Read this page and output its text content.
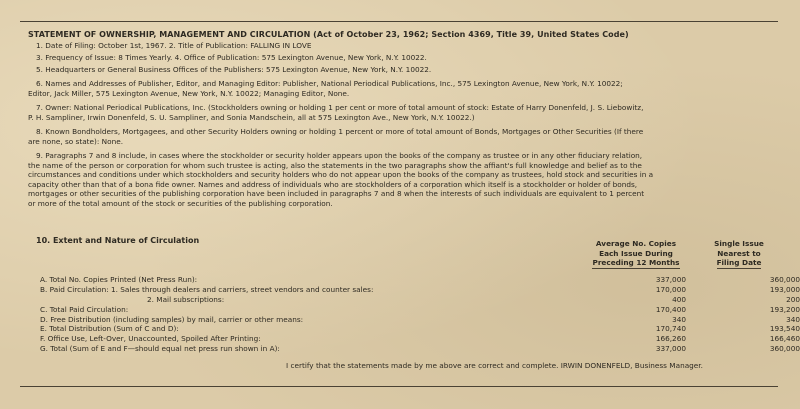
STATEMENT OF OWNERSHIP, MANAGEMENT AND CIRCULATION (Act of October 23, 1962; Section 4369, Title 39, United States Code)
1. Date of Filing: October 1st, 1967. 2. Title of Publication: FALLING IN LOVE
3. Frequency of Issue: 8 Times Yearly. 4. Office of Publication: 575 Lexington Avenue, New York, N.Y. 10022.
5. Headquarters or General Business Offices of the Publishers: 575 Lexington Avenue, New York, N.Y. 10022.
6. Names and Addresses of Publisher, Editor, and Managing Editor: Publisher, National Periodical Publications, Inc., 575 Lexington Avenue, New York, N.Y. 10022;
Editor, Jack Miller, 575 Lexington Avenue, New York, N.Y. 10022; Managing Editor, None.
7. Owner: National Periodical Publications, Inc. (Stockholders owning or holding 1 per cent or more of total amount of stock: Estate of Harry Donenfeld, J. S. Liebowitz,
P. H. Sampliner, Irwin Donenfeld, S. U. Sampliner, and Sonia Mandschein, all at 575 Lexington Ave., New York, N.Y. 10022.)
8. Known Bondholders, Mortgagees, and other Security Holders owning or holding 1 percent or more of total amount of Bonds, Mortgages or Other Securities (If there
are none, so state): None.
9. Paragraphs 7 and 8 include, in cases where the stockholder or security holder appears upon the books of the company as trustee or in any other fiduciary relation,
the name of the person or corporation for whom such trustee is acting, also the statements in the two paragraphs show the affiant's full knowledge and belief as to the
circumstances and conditions under which stockholders and security holders who do not appear upon the books of the company as trustees, hold stock and securities in a
capacity other than that of a bona fide owner. Names and address of individuals who are stockholders of a corporation which itself is a stockholder or holder of bonds,
mortgages or other securities of the publishing corporation have been included in paragraphs 7 and 8 when the interests of such individuals are equivalent to 1 percent
or more of the total amount of the stock or securities of the publishing corporation.
10. Extent and Nature of Circulation	Average No. Copies
Each Issue During
Preceding 12 Months
Single Issue
Nearest to
Filing Date
A. Total No. Copies Printed (Net Press Run):	337,000	360,000
B. Paid Circulation: 1. Sales through dealers and carriers, street vendors and counter sales:	170,000	193,000
2. Mail subscriptions:	400	200
C. Total Paid Circulation:	170,400	193,200
D. Free Distribution (including samples) by mail, carrier or other means:	340	340
E. Total Distribution (Sum of C and D):	170,740	193,540
F. Office Use, Left-Over, Unaccounted, Spoiled After Printing:	166,260	166,460
G. Total (Sum of E and F—should equal net press run shown in A):	337,000	360,000
I certify that the statements made by me above are correct and complete. IRWIN DONENFELD, Business Manager.
